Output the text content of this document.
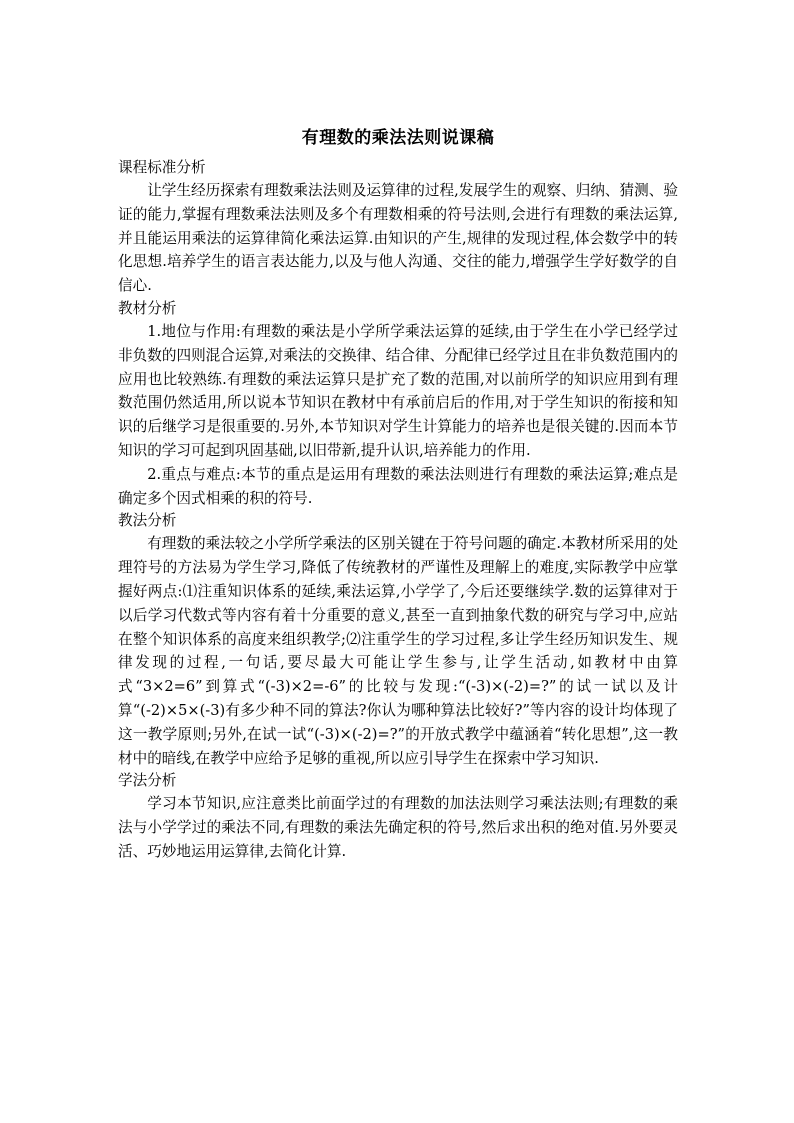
有理数的乘法法则说课稿

课程标准分析

让学生经历探索有理数乘法法则及运算律的过程,发展学生的观察、归纳、猜测、验证的能力,掌握有理数乘法法则及多个有理数相乘的符号法则,会进行有理数的乘法运算,并且能运用乘法的运算律简化乘法运算.由知识的产生,规律的发现过程,体会数学中的转化思想.培养学生的语言表达能力,以及与他人沟通、交往的能力,增强学生学好数学的自信心.

教材分析

1.地位与作用:有理数的乘法是小学所学乘法运算的延续,由于学生在小学已经学过非负数的四则混合运算,对乘法的交换律、结合律、分配律已经学过且在非负数范围内的应用也比较熟练.有理数的乘法运算只是扩充了数的范围,对以前所学的知识应用到有理数范围仍然适用,所以说本节知识在教材中有承前启后的作用,对于学生知识的衔接和知识的后继学习是很重要的.另外,本节知识对学生计算能力的培养也是很关键的.因而本节知识的学习可起到巩固基础,以旧带新,提升认识,培养能力的作用.

2.重点与难点:本节的重点是运用有理数的乘法法则进行有理数的乘法运算;难点是确定多个因式相乘的积的符号.

教法分析

有理数的乘法较之小学所学乘法的区别关键在于符号问题的确定.本教材所采用的处理符号的方法易为学生学习,降低了传统教材的严谨性及理解上的难度,实际教学中应掌握好两点:⑴注重知识体系的延续,乘法运算,小学学了,今后还要继续学.数的运算律对于以后学习代数式等内容有着十分重要的意义,甚至一直到抽象代数的研究与学习中,应站在整个知识体系的高度来组织教学;⑵注重学生的学习过程,多让学生经历知识发生、规律发现的过程,一句话,要尽最大可能让学生参与,让学生活动,如教材中由算式“3×2=6”到算式“(-3)×2=-6”的比较与发现:“(-3)×(-2)=?”的试一试以及计算“(-2)×5×(-3)有多少种不同的算法?你认为哪种算法比较好?”等内容的设计均体现了这一教学原则;另外,在试一试“(-3)×(-2)=?”的开放式教学中蕴涵着“转化思想”,这一教材中的暗线,在教学中应给予足够的重视,所以应引导学生在探索中学习知识.

学法分析

学习本节知识,应注意类比前面学过的有理数的加法法则学习乘法法则;有理数的乘法与小学学过的乘法不同,有理数的乘法先确定积的符号,然后求出积的绝对值.另外要灵活、巧妙地运用运算律,去简化计算.
